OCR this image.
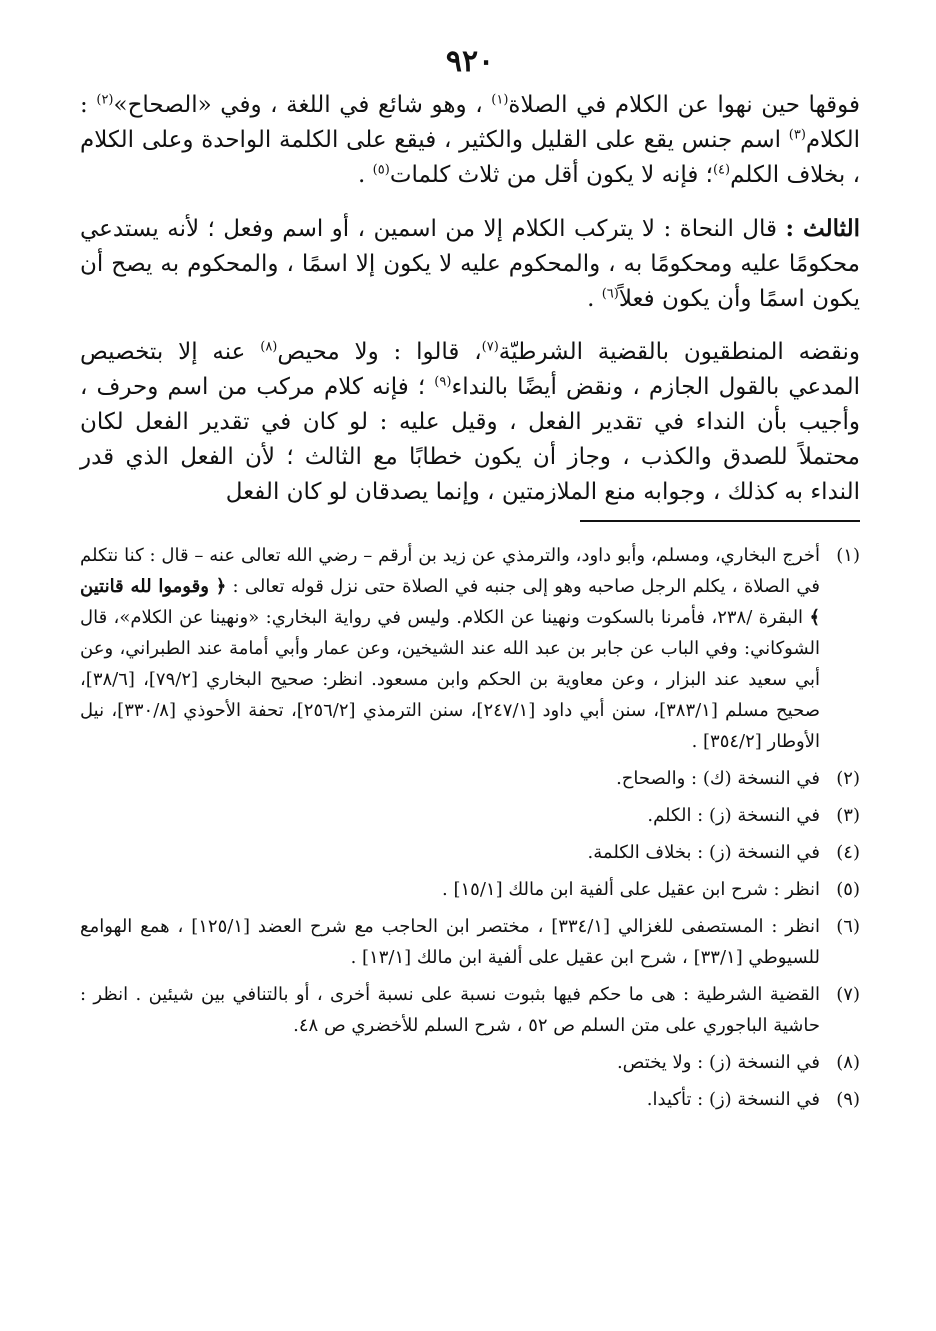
٩٢٠

فوقها حين نهوا عن الكلام في الصلاة$^{(١)}$ ، وهو شائع في اللغة ، وفي «الصحاح»$^{(٢)}$ : الكلام$^{(٣)}$ اسم جنس يقع على القليل والكثير ، فيقع على الكلمة الواحدة وعلى الكلام ، بخلاف الكلم$^{(٤)}$؛ فإنه لا يكون أقل من ثلاث كلمات$^{(٥)}$ .

الثالث : قال النحاة : لا يتركب الكلام إلا من اسمين ، أو اسم وفعل ؛ لأنه يستدعي محكومًا عليه ومحكومًا به ، والمحكوم عليه لا يكون إلا اسمًا ، والمحكوم به يصح أن يكون اسمًا وأن يكون فعلاً$^{(٦)}$ .

ونقضه المنطقيون بالقضية الشرطيّة$^{(٧)}$، قالوا : ولا محيص$^{(٨)}$ عنه إلا بتخصيص المدعي بالقول الجازم ، ونقض أيضًا بالنداء$^{(٩)}$ ؛ فإنه كلام مركب من اسم وحرف ، وأجيب بأن النداء في تقدير الفعل ، وقيل عليه : لو كان في تقدير الفعل لكان محتملاً للصدق والكذب ، وجاز أن يكون خطابًا مع الثالث ؛ لأن الفعل الذي قدر النداء به كذلك ، وجوابه منع الملازمتين ، وإنما يصدقان لو كان الفعل

(١)
أخرج البخاري، ومسلم، وأبو داود، والترمذي عن زيد بن أرقم – رضي الله تعالى عنه – قال : كنا نتكلم في الصلاة ، يكلم الرجل صاحبه وهو إلى جنبه في الصلاة حتى نزل قوله تعالى : ﴿ وقوموا لله قانتين ﴾ البقرة /٢٣٨، فأمرنا بالسكوت ونهينا عن الكلام. وليس في رواية البخاري: «ونهينا عن الكلام»، قال الشوكاني: وفي الباب عن جابر بن عبد الله عند الشيخين، وعن عمار وأبي أمامة عند الطبراني، وعن أبي سعيد عند البزار ، وعن معاوية بن الحكم وابن مسعود. انظر: صحيح البخاري [٧٩/٢]، [٣٨/٦]، صحيح مسلم [٣٨٣/١]، سنن أبي داود [٢٤٧/١]، سنن الترمذي [٢٥٦/٢]، تحفة الأحوذي [٣٣٠/٨]، نيل الأوطار [٣٥٤/٢] .
(٢)
في النسخة (ك) : والصحاح.
(٣)
في النسخة (ز) : الكلم.
(٤)
في النسخة (ز) : بخلاف الكلمة.
(٥)
انظر : شرح ابن عقيل على ألفية ابن مالك [١٥/١] .
(٦)
انظر : المستصفى للغزالي [٣٣٤/١] ، مختصر ابن الحاجب مع شرح العضد [١٢٥/١] ، همع الهوامع للسيوطي [٣٣/١] ، شرح ابن عقيل على ألفية ابن مالك [١٣/١] .
(٧)
القضية الشرطية : هى ما حكم فيها بثبوت نسبة على نسبة أخرى ، أو بالتنافي بين شيئين . انظر : حاشية الباجوري على متن السلم ص ٥٢ ، شرح السلم للأخضري ص ٤٨.
(٨)
في النسخة (ز) : ولا يختص.
(٩)
في النسخة (ز) : تأكيدا.
